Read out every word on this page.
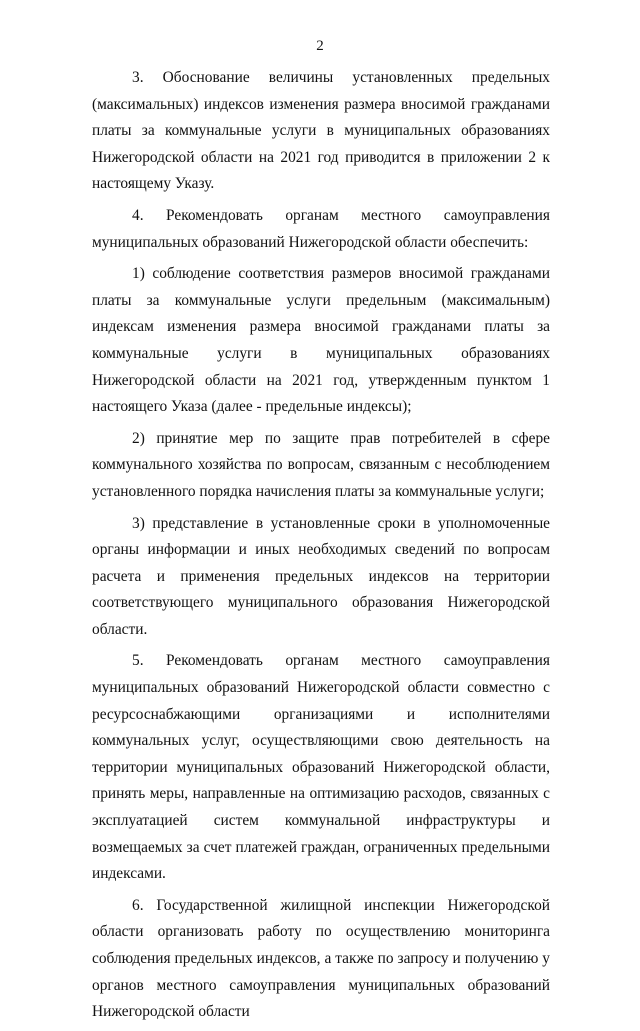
2

3. Обоснование величины установленных предельных (максимальных) индексов изменения размера вносимой гражданами платы за коммунальные услуги в муниципальных образованиях Нижегородской области на 2021 год приводится в приложении 2 к настоящему Указу.

4. Рекомендовать органам местного самоуправления муниципальных образований Нижегородской области обеспечить:

1) соблюдение соответствия размеров вносимой гражданами платы за коммунальные услуги предельным (максимальным) индексам изменения размера вносимой гражданами платы за коммунальные услуги в муниципальных образованиях Нижегородской области на 2021 год, утвержденным пунктом 1 настоящего Указа (далее - предельные индексы);

2) принятие мер по защите прав потребителей в сфере коммунального хозяйства по вопросам, связанным с несоблюдением установленного порядка начисления платы за коммунальные услуги;

3) представление в установленные сроки в уполномоченные органы информации и иных необходимых сведений по вопросам расчета и применения предельных индексов на территории соответствующего муниципального образования Нижегородской области.

5. Рекомендовать органам местного самоуправления муниципальных образований Нижегородской области совместно с ресурсоснабжающими организациями и исполнителями коммунальных услуг, осуществляющими свою деятельность на территории муниципальных образований Нижегородской области, принять меры, направленные на оптимизацию расходов, связанных с эксплуатацией систем коммунальной инфраструктуры и возмещаемых за счет платежей граждан, ограниченных предельными индексами.

6. Государственной жилищной инспекции Нижегородской области организовать работу по осуществлению мониторинга соблюдения предельных индексов, а также по запросу и получению у органов местного самоуправления муниципальных образований Нижегородской области
